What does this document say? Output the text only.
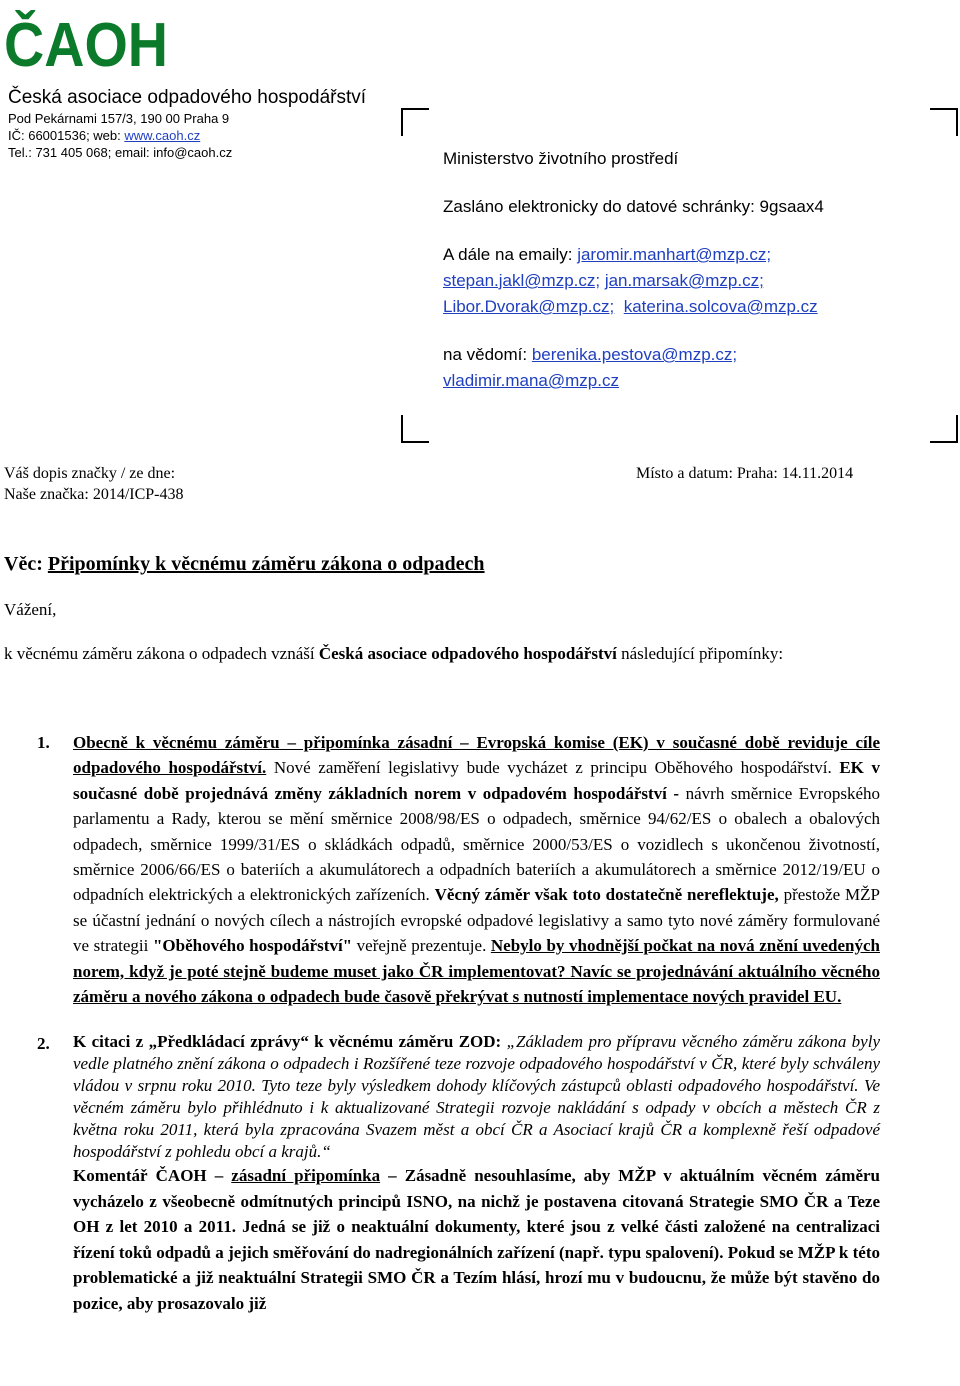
ČAOH
Česká asociace odpadového hospodářství
Pod Pekárnami 157/3, 190 00 Praha 9
IČ: 66001536; web: www.caoh.cz
Tel.: 731 405 068; email: info@caoh.cz	Ministerstvo životního prostředí
Zasláno elektronicky do datové schránky: 9gsaax4
A dále na emaily: jaromir.manhart@mzp.cz;
stepan.jakl@mzp.cz; jan.marsak@mzp.cz;
Libor.Dvorak@mzp.cz; katerina.solcova@mzp.cz
na vědomí: berenika.pestova@mzp.cz;
vladimir.mana@mzp.cz
Váš dopis značky / ze dne:
Naše značka: 2014/ICP-438
Místo a datum: Praha: 14.11.2014
Věc: Připomínky k věcnému záměru zákona o odpadech
Vážení,
k věcnému záměru zákona o odpadech vznáší Česká asociace odpadového hospodářství následující připomínky:
1. Obecně k věcnému záměru – připomínka zásadní – Evropská komise (EK) v současné době reviduje cíle odpadového hospodářství. Nové zaměření legislativy bude vycházet z principu Oběhového hospodářství. EK v současné době projednává změny základních norem v odpadovém hospodářství - návrh směrnice Evropského parlamentu a Rady, kterou se mění směrnice 2008/98/ES o odpadech, směrnice 94/62/ES o obalech a obalových odpadech, směrnice 1999/31/ES o skládkách odpadů, směrnice 2000/53/ES o vozidlech s ukončenou životností, směrnice 2006/66/ES o bateriích a akumulátorech a odpadních bateriích a akumulátorech a směrnice 2012/19/EU o odpadních elektrických a elektronických zařízeních. Věcný záměr však toto dostatečně nereflektuje, přestože MŽP se účastní jednání o nových cílech a nástrojích evropské odpadové legislativy a samo tyto nové záměry formulované ve strategii "Oběhového hospodářství" veřejně prezentuje. Nebylo by vhodnější počkat na nová znění uvedených norem, když je poté stejně budeme muset jako ČR implementovat? Navíc se projednávání aktuálního věcného záměru a nového zákona o odpadech bude časově překrývat s nutností implementace nových pravidel EU.
2. K citaci z „Předkládací zprávy“ k věcnému záměru ZOD: „Základem pro přípravu věcného záměru zákona byly vedle platného znění zákona o odpadech i Rozšířené teze rozvoje odpadového hospodářství v ČR, které byly schváleny vládou v srpnu roku 2010. Tyto teze byly výsledkem dohody klíčových zástupců oblasti odpadového hospodářství. Ve věcném záměru bylo přihlédnuto i k aktualizované Strategii rozvoje nakládání s odpady v obcích a městech ČR z května roku 2011, která byla zpracována Svazem měst a obcí ČR a Asociací krajů ČR a komplexně řeší odpadové hospodářství z pohledu obcí a krajů.“
Komentář ČAOH – zásadní připomínka – Zásadně nesouhlasíme, aby MŽP v aktuálním věcném záměru vycházelo z všeobecně odmítnutých principů ISNO, na nichž je postavena citovaná Strategie SMO ČR a Teze OH z let 2010 a 2011. Jedná se již o neaktuální dokumenty, které jsou z velké části založené na centralizaci řízení toků odpadů a jejich směřování do nadregionálních zařízení (např. typu spalovení). Pokud se MŽP k této problematické a již neaktuální Strategii SMO ČR a Tezím hlásí, hrozí mu v budoucnu, že může být stavěno do pozice, aby prosazovalo již
